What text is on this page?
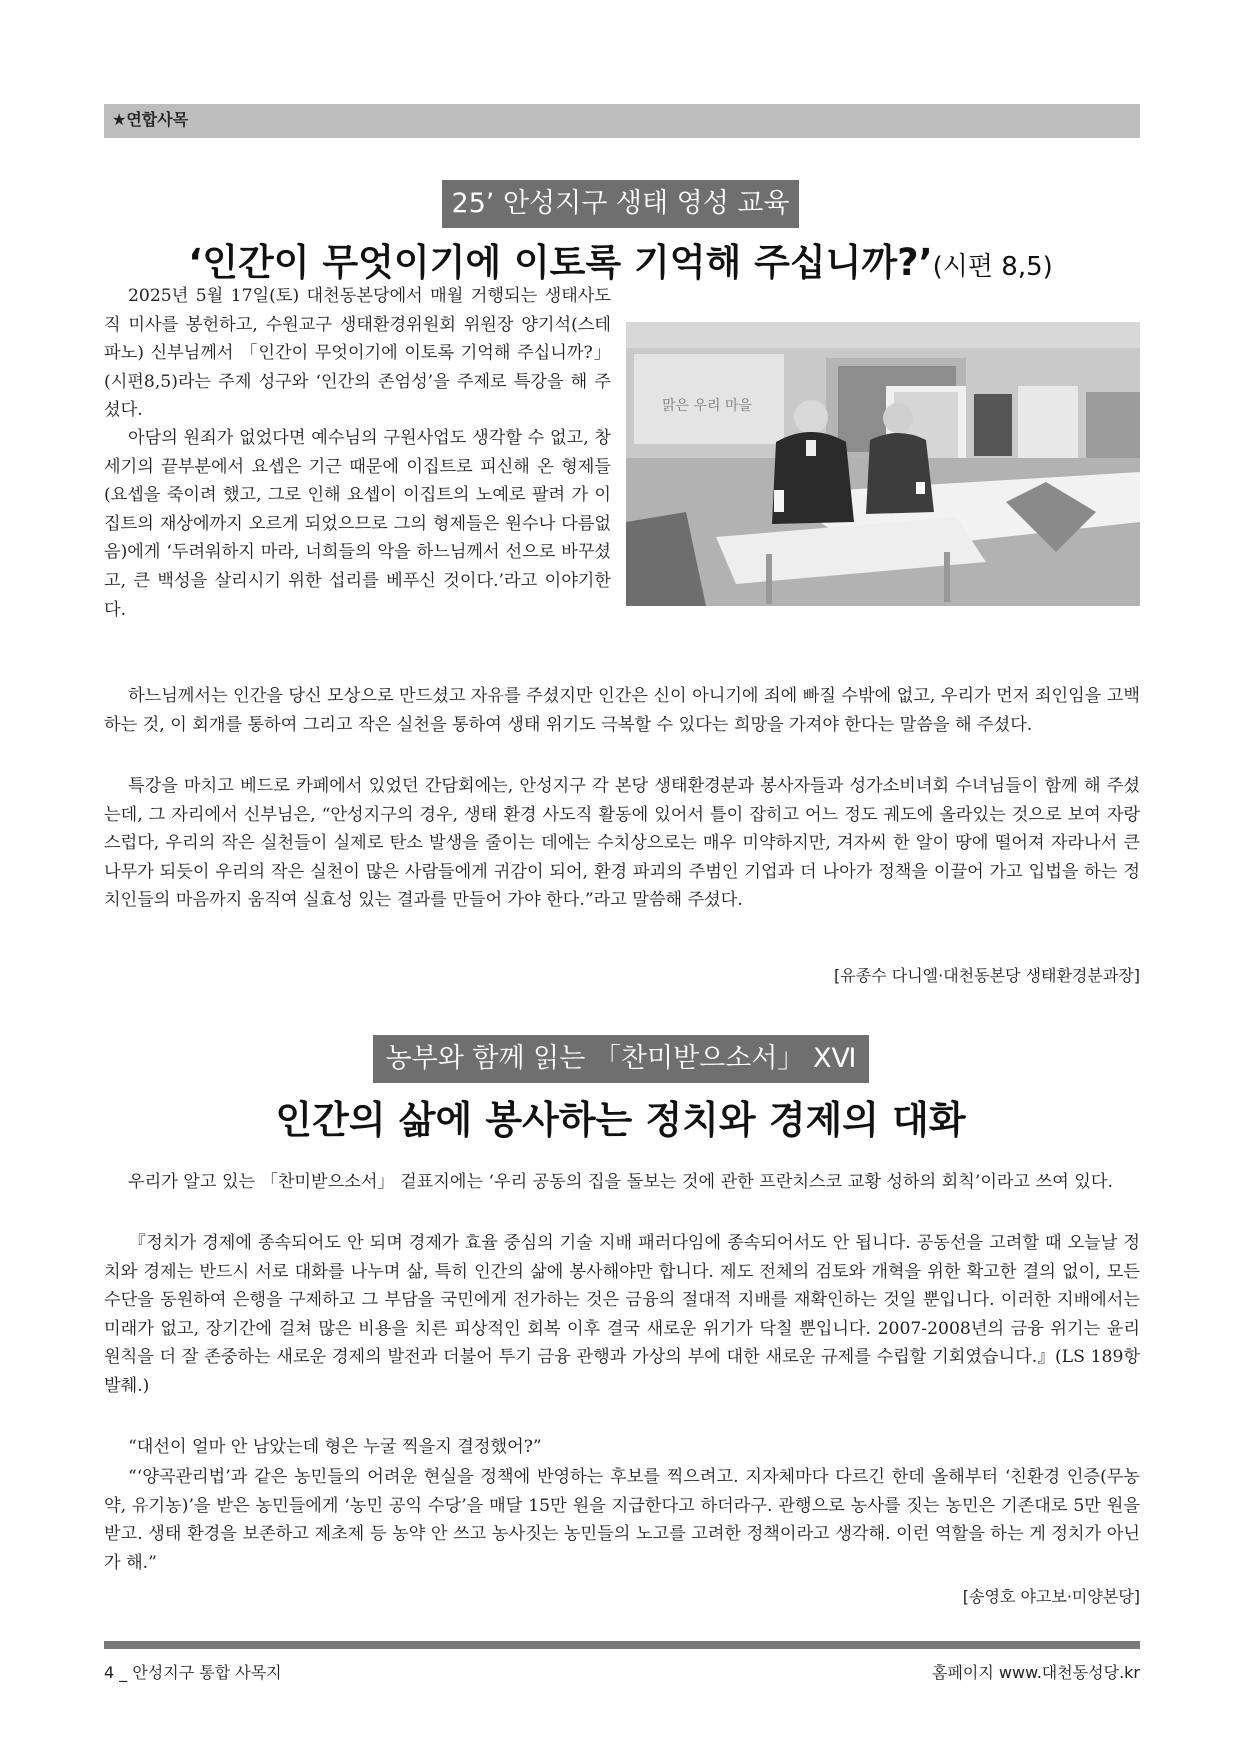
★연합사목
25’ 안성지구 생태 영성 교육
‘인간이 무엇이기에 이토록 기억해 주십니까?’(시편 8,5)
맑은 우리 마을

2025년 5월 17일(토) 대천동본당에서 매월 거행되는 생태사도직 미사를 봉헌하고, 수원교구 생태환경위원회 위원장 양기석(스테파노) 신부님께서 「인간이 무엇이기에 이토록 기억해 주십니까?」(시편8,5)라는 주제 성구와 ‘인간의 존엄성’을 주제로 특강을 해 주셨다.

아담의 원죄가 없었다면 예수님의 구원사업도 생각할 수 없고, 창세기의 끝부분에서 요셉은 기근 때문에 이집트로 피신해 온 형제들(요셉을 죽이려 했고, 그로 인해 요셉이 이집트의 노예로 팔려 가 이집트의 재상에까지 오르게 되었으므로 그의 형제들은 원수나 다름없음)에게 ‘두려워하지 마라, 너희들의 악을 하느님께서 선으로 바꾸셨고, 큰 백성을 살리시기 위한 섭리를 베푸신 것이다.’라고 이야기한다.

하느님께서는 인간을 당신 모상으로 만드셨고 자유를 주셨지만 인간은 신이 아니기에 죄에 빠질 수밖에 없고, 우리가 먼저 죄인임을 고백하는 것, 이 회개를 통하여 그리고 작은 실천을 통하여 생태 위기도 극복할 수 있다는 희망을 가져야 한다는 말씀을 해 주셨다.

특강을 마치고 베드로 카페에서 있었던 간담회에는, 안성지구 각 본당 생태환경분과 봉사자들과 성가소비녀회 수녀님들이 함께 해 주셨는데, 그 자리에서 신부님은, “안성지구의 경우, 생태 환경 사도직 활동에 있어서 틀이 잡히고 어느 정도 궤도에 올라있는 것으로 보여 자랑스럽다, 우리의 작은 실천들이 실제로 탄소 발생을 줄이는 데에는 수치상으로는 매우 미약하지만, 겨자씨 한 알이 땅에 떨어져 자라나서 큰 나무가 되듯이 우리의 작은 실천이 많은 사람들에게 귀감이 되어, 환경 파괴의 주범인 기업과 더 나아가 정책을 이끌어 가고 입법을 하는 정치인들의 마음까지 움직여 실효성 있는 결과를 만들어 가야 한다.”라고 말씀해 주셨다.

[유종수 다니엘·대천동본당 생태환경분과장]
농부와 함께 읽는 「찬미받으소서」 XⅥ
인간의 삶에 봉사하는 정치와 경제의 대화

우리가 알고 있는 「찬미받으소서」 겉표지에는 ‘우리 공동의 집을 돌보는 것에 관한 프란치스코 교황 성하의 회칙’이라고 쓰여 있다.

『정치가 경제에 종속되어도 안 되며 경제가 효율 중심의 기술 지배 패러다임에 종속되어서도 안 됩니다. 공동선을 고려할 때 오늘날 정치와 경제는 반드시 서로 대화를 나누며 삶, 특히 인간의 삶에 봉사해야만 합니다. 제도 전체의 검토와 개혁을 위한 확고한 결의 없이, 모든 수단을 동원하여 은행을 구제하고 그 부담을 국민에게 전가하는 것은 금융의 절대적 지배를 재확인하는 것일 뿐입니다. 이러한 지배에서는 미래가 없고, 장기간에 걸쳐 많은 비용을 치른 피상적인 회복 이후 결국 새로운 위기가 닥칠 뿐입니다. 2007-2008년의 금융 위기는 윤리 원칙을 더 잘 존중하는 새로운 경제의 발전과 더불어 투기 금융 관행과 가상의 부에 대한 새로운 규제를 수립할 기회였습니다.』(LS 189항 발췌.)

“대선이 얼마 안 남았는데 형은 누굴 찍을지 결정했어?”

“‘양곡관리법’과 같은 농민들의 어려운 현실을 정책에 반영하는 후보를 찍으려고. 지자체마다 다르긴 한데 올해부터 ‘친환경 인증(무농약, 유기농)’을 받은 농민들에게 ‘농민 공익 수당’을 매달 15만 원을 지급한다고 하더라구. 관행으로 농사를 짓는 농민은 기존대로 5만 원을 받고. 생태 환경을 보존하고 제초제 등 농약 안 쓰고 농사짓는 농민들의 노고를 고려한 정책이라고 생각해. 이런 역할을 하는 게 정치가 아닌가 해.”

[송영호 야고보·미양본당]
4 _ 안성지구 통합 사목지	홈페이지 www.대천동성당.kr
